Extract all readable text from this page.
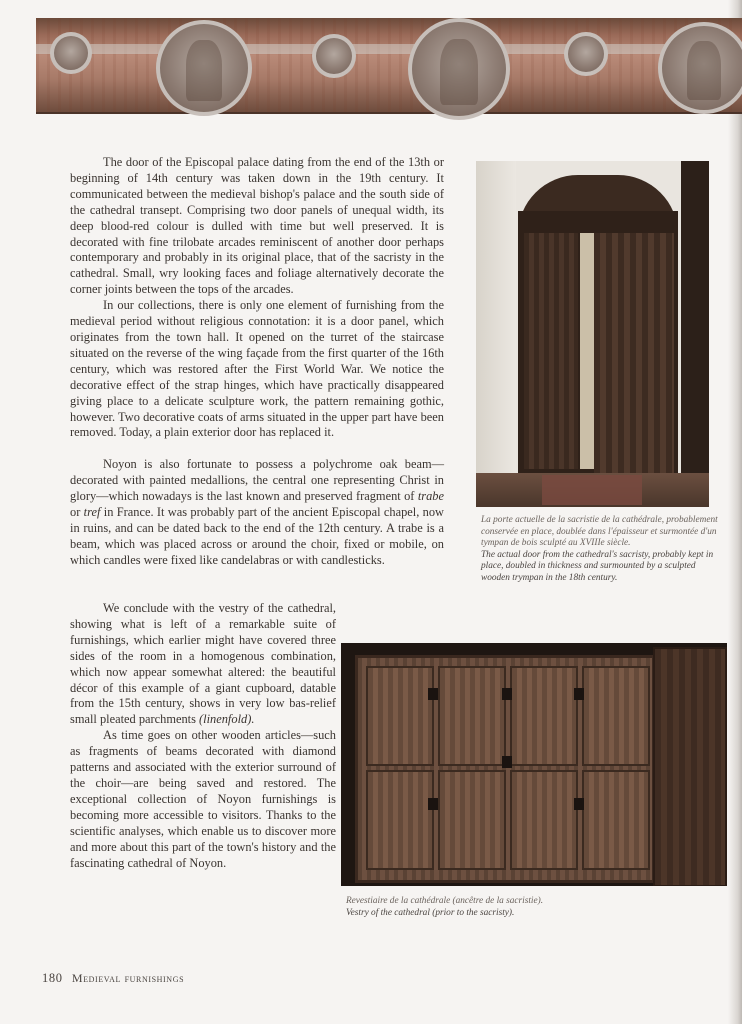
The door of the Episcopal palace dating from the end of the 13th or beginning of 14th century was taken down in the 19th century. It communicated between the medieval bishop's palace and the south side of the cathedral transept. Comprising two door panels of unequal width, its deep blood-red colour is dulled with time but well preserved. It is decorated with fine trilobate arcades reminiscent of another door perhaps contemporary and probably in its original place, that of the sacristy in the cathedral. Small, wry looking faces and foliage alternatively decorate the corner joints between the tops of the arcades.

In our collections, there is only one element of furnishing from the medieval period without religious connotation: it is a door panel, which originates from the town hall. It opened on the turret of the staircase situated on the reverse of the wing façade from the first quarter of the 16th century, which was restored after the First World War. We notice the decorative effect of the strap hinges, which have practically disappeared giving place to a delicate sculpture work, the pattern remaining gothic, however. Two decorative coats of arms situated in the upper part have been removed. Today, a plain exterior door has replaced it.

Noyon is also fortunate to possess a polychrome oak beam—decorated with painted medallions, the central one representing Christ in glory—which nowadays is the last known and preserved fragment of trabe or tref in France. It was probably part of the ancient Episcopal chapel, now in ruins, and can be dated back to the end of the 12th century. A trabe is a beam, which was placed across or around the choir, fixed or mobile, on which candles were fixed like candelabras or with candlesticks.

We conclude with the vestry of the cathedral, showing what is left of a remarkable suite of furnishings, which earlier might have covered three sides of the room in a homogenous combination, which now appear somewhat altered: the beautiful décor of this example of a giant cupboard, datable from the 15th century, shows in very low bas-relief small pleated parchments (linenfold).

As time goes on other wooden articles—such as fragments of beams decorated with diamond patterns and associated with the exterior surround of the choir—are being saved and restored. The exceptional collection of Noyon furnishings is becoming more accessible to visitors. Thanks to the scientific analyses, which enable us to discover more and more about this part of the town's history and the fascinating cathedral of Noyon.

La porte actuelle de la sacristie de la cathédrale, probablement conservée en place, doublée dans l'épaisseur et surmontée d'un tympan de bois sculpté au XVIIIe siècle.
The actual door from the cathedral's sacristy, probably kept in place, doubled in thickness and surmounted by a sculpted wooden trympan in the 18th century.
Revestiaire de la cathédrale (ancêtre de la sacristie).
Vestry of the cathedral (prior to the sacristy).
180 Medieval furnishings
